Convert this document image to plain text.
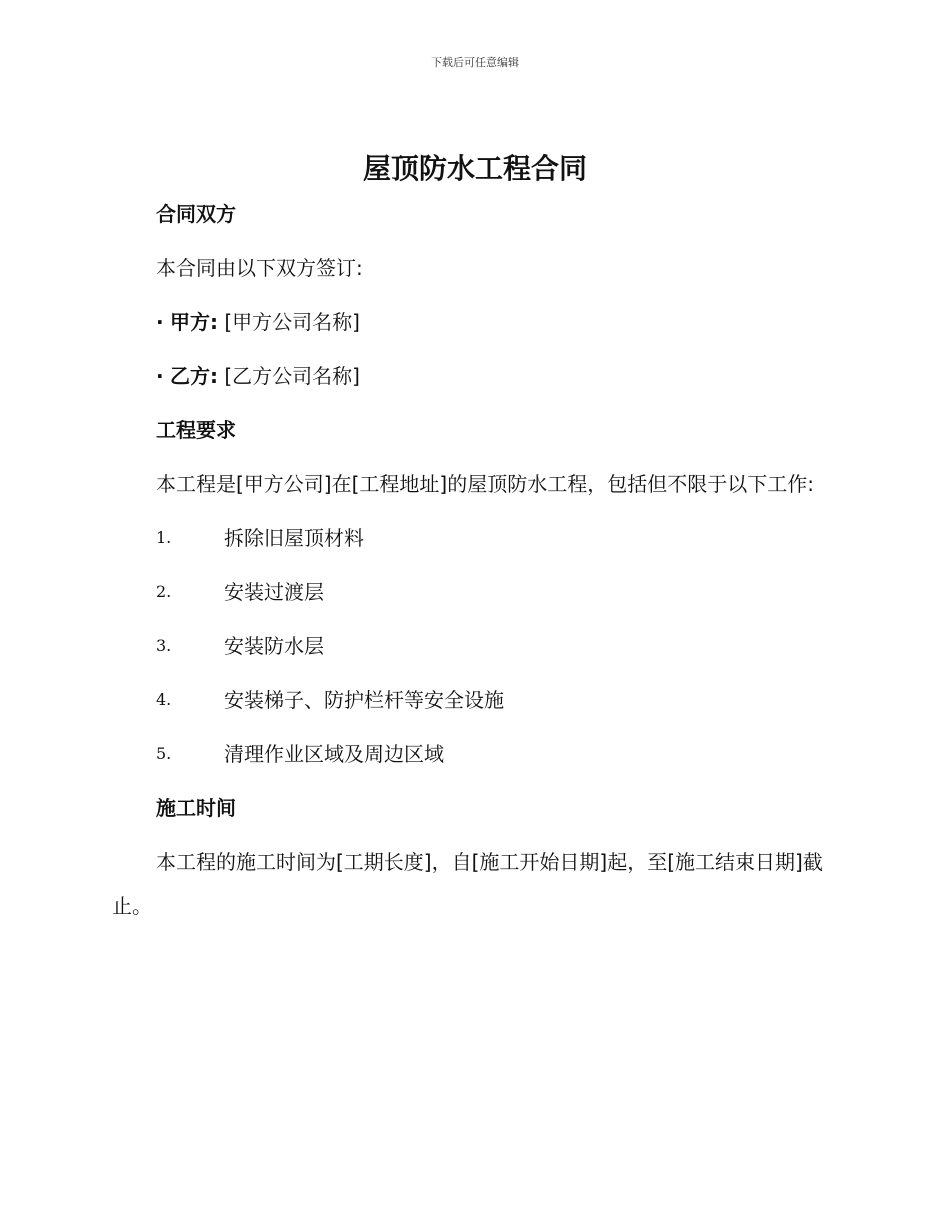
下载后可任意编辑
屋顶防水工程合同
合同双方

本合同由以下双方签订:

· 甲方: [甲方公司名称]
· 乙方: [乙方公司名称]
工程要求

本工程是[甲方公司]在[工程地址]的屋顶防水工程，包括但不限于以下工作:

1.	拆除旧屋顶材料
2.	安装过渡层
3.	安装防水层
4.	安装梯子、防护栏杆等安全设施
5.	清理作业区域及周边区域
施工时间

本工程的施工时间为[工期长度]，自[施工开始日期]起，至[施工结束日期]截止。
